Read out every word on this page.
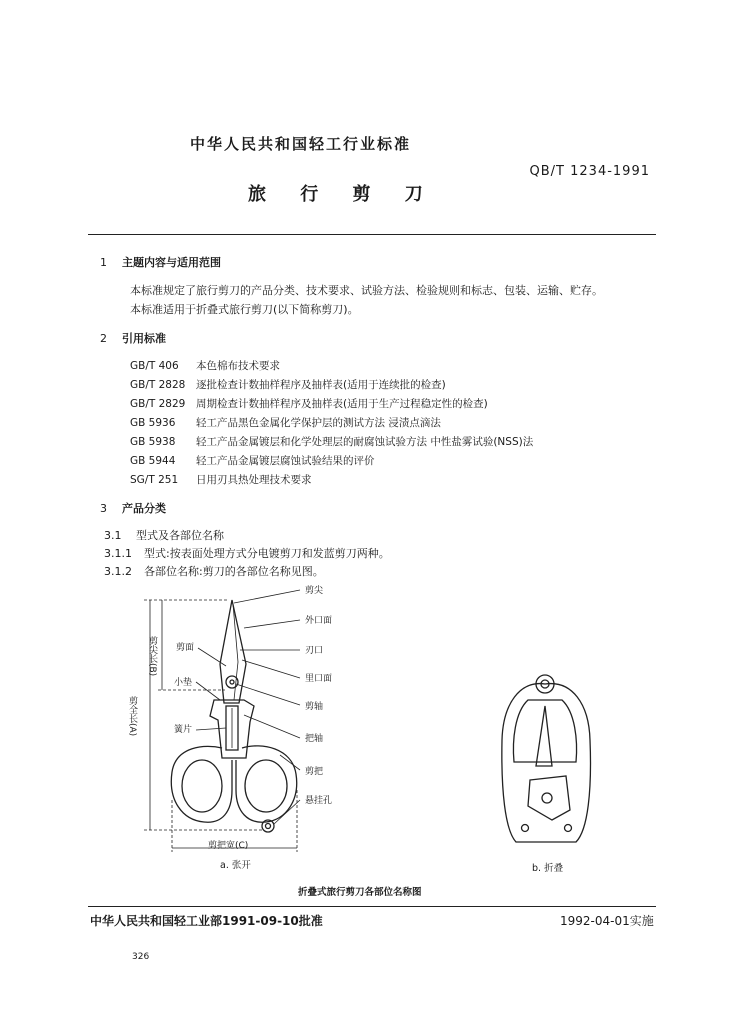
中华人民共和国轻工行业标准
QB/T 1234-1991
旅 行 剪 刀
1 主题内容与适用范围
本标准规定了旅行剪刀的产品分类、技术要求、试验方法、检验规则和标志、包装、运输、贮存。
本标准适用于折叠式旅行剪刀(以下简称剪刀)。
2 引用标准
GB/T 406 本色棉布技术要求
GB/T 2828 逐批检查计数抽样程序及抽样表(适用于连续批的检查)
GB/T 2829 周期检查计数抽样程序及抽样表(适用于生产过程稳定性的检查)
GB 5936 轻工产品黑色金属化学保护层的测试方法 浸渍点滴法
GB 5938 轻工产品金属镀层和化学处理层的耐腐蚀试验方法 中性盐雾试验(NSS)法
GB 5944 轻工产品金属镀层腐蚀试验结果的评价
SG/T 251 日用刃具热处理技术要求
3 产品分类
3.1 型式及各部位名称
3.1.1 型式:按表面处理方式分电镀剪刀和发蓝剪刀两种。
3.1.2 各部位名称:剪刀的各部位名称见图。
剪尖
外口面
刃口
里口面
剪轴
把轴
剪把
悬挂孔
剪面
小垫
簧片
剪全长(A)
剪尖长(B)
剪把宽(C)
a. 张开	b. 折叠
折叠式旅行剪刀各部位名称图
中华人民共和国轻工业部1991-09-10批准	1992-04-01实施
326
